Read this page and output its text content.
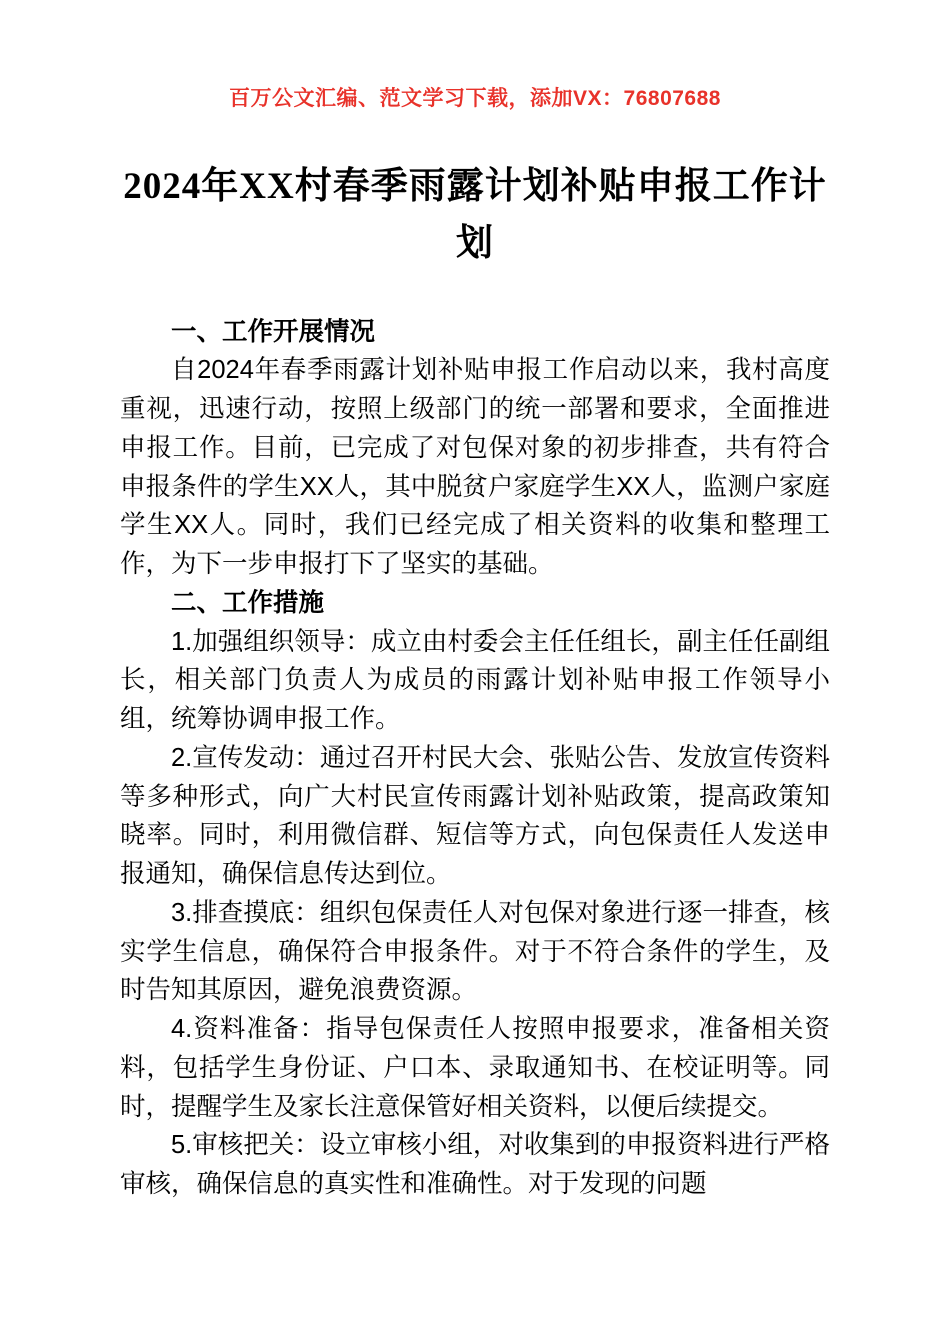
百万公文汇编、范文学习下载，添加VX：76807688
2024年XX村春季雨露计划补贴申报工作计划

一、工作开展情况

自2024年春季雨露计划补贴申报工作启动以来，我村高度重视，迅速行动，按照上级部门的统一部署和要求，全面推进申报工作。目前，已完成了对包保对象的初步排查，共有符合申报条件的学生XX人，其中脱贫户家庭学生XX人，监测户家庭学生XX人。同时，我们已经完成了相关资料的收集和整理工作，为下一步申报打下了坚实的基础。

二、工作措施

1.加强组织领导：成立由村委会主任任组长，副主任任副组长，相关部门负责人为成员的雨露计划补贴申报工作领导小组，统筹协调申报工作。

2.宣传发动：通过召开村民大会、张贴公告、发放宣传资料等多种形式，向广大村民宣传雨露计划补贴政策，提高政策知晓率。同时，利用微信群、短信等方式，向包保责任人发送申报通知，确保信息传达到位。

3.排查摸底：组织包保责任人对包保对象进行逐一排查，核实学生信息，确保符合申报条件。对于不符合条件的学生，及时告知其原因，避免浪费资源。

4.资料准备：指导包保责任人按照申报要求，准备相关资料，包括学生身份证、户口本、录取通知书、在校证明等。同时，提醒学生及家长注意保管好相关资料，以便后续提交。

5.审核把关：设立审核小组，对收集到的申报资料进行严格审核，确保信息的真实性和准确性。对于发现的问题
